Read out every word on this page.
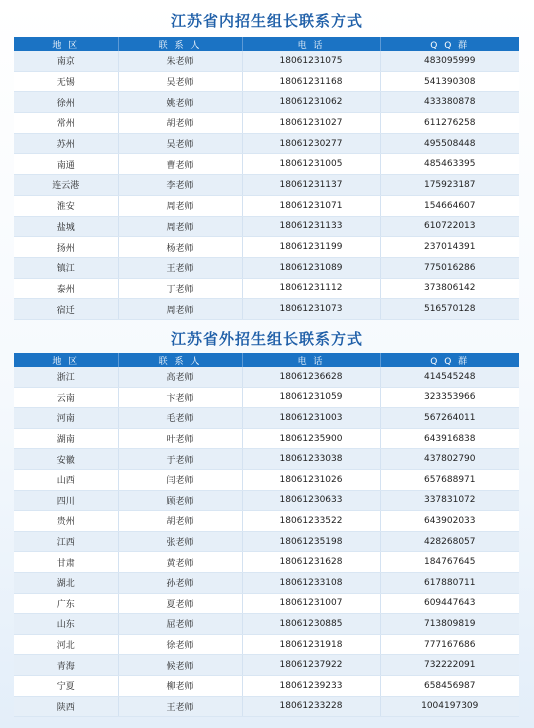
江苏省内招生组长联系方式
地 区	联 系 人	电 话	Q Q 群
南京	朱老师	18061231075	483095999
无锡	吴老师	18061231168	541390308
徐州	姚老师	18061231062	433380878
常州	胡老师	18061231027	611276258
苏州	吴老师	18061230277	495508448
南通	曹老师	18061231005	485463395
连云港	李老师	18061231137	175923187
淮安	周老师	18061231071	154664607
盐城	周老师	18061231133	610722013
扬州	杨老师	18061231199	237014391
镇江	王老师	18061231089	775016286
泰州	丁老师	18061231112	373806142
宿迁	周老师	18061231073	516570128
江苏省外招生组长联系方式
地 区	联 系 人	电 话	Q Q 群
浙江	高老师	18061236628	414545248
云南	卞老师	18061231059	323353966
河南	毛老师	18061231003	567264011
湖南	叶老师	18061235900	643916838
安徽	于老师	18061233038	437802790
山西	闫老师	18061231026	657688971
四川	顾老师	18061230633	337831072
贵州	胡老师	18061233522	643902033
江西	张老师	18061235198	428268057
甘肃	黄老师	18061231628	184767645
湖北	孙老师	18061233108	617880711
广东	夏老师	18061231007	609447643
山东	屈老师	18061230885	713809819
河北	徐老师	18061231918	777167686
青海	候老师	18061237922	732222091
宁夏	柳老师	18061239233	658456987
陕西	王老师	18061233228	1004197309
